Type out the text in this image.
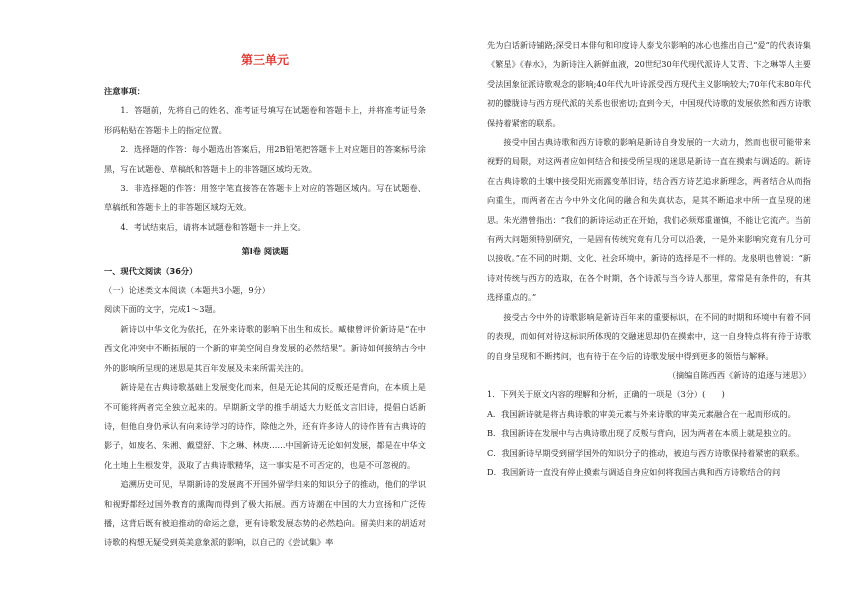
第三单元

注意事项：

1．答题前，先将自己的姓名、准考证号填写在试题卷和答题卡上，并将准考证号条形码粘贴在答题卡上的指定位置。

2．选择题的作答：每小题选出答案后，用2B铅笔把答题卡上对应题目的答案标号涂黑，写在试题卷、草稿纸和答题卡上的非答题区域均无效。

3．非选择题的作答：用签字笔直接答在答题卡上对应的答题区域内。写在试题卷、草稿纸和答题卡上的非答题区域均无效。

4．考试结束后，请将本试题卷和答题卡一并上交。

第Ⅰ卷 阅读题

一、现代文阅读（36分）

（一）论述类文本阅读（本题共3小题，9分）

阅读下面的文字，完成1～3题。

新诗以中华文化为依托，在外来诗歌的影响下出生和成长。臧棣曾评价新诗是“在中西文化冲突中不断拓展的一个新的审美空间自身发展的必然结果”。新诗如何接纳古今中外的影响所呈现的迷思是其百年发展及未来所需关注的。

新诗是在古典诗歌基础上发展变化而来，但是无论其间的反叛还是背向，在本质上是不可能将两者完全独立起来的。早期新文学的推手胡适大力贬低文言旧诗，提倡白话新诗，但他自身仍承认有向来诗学习的诗作，除他之外，还有许多诗人的诗作皆有古典诗的影子，如废名、朱湘、戴望舒、卞之琳、林庚……中国新诗无论如何发展，都是在中华文化土地上生根发芽，汲取了古典诗歌精华，这一事实是不可否定的，也是不可忽视的。

追溯历史可见，早期新诗的发展离不开国外留学归来的知识分子的推动，他们的学识和视野都经过国外教育的熏陶而得到了极大拓展。西方诗潮在中国的大力宣扬和广泛传播，这背后既有被迫推动的命运之意，更有诗歌发展态势的必然趋向。留美归来的胡适对诗歌的构想无疑受到英美意象派的影响，以自己的《尝试集》率

先为白话新诗铺路;深受日本俳句和印度诗人泰戈尔影响的冰心也推出自己“爱”的代表诗集《繁星》《春水》，为新诗注入新鲜血液，20世纪30年代现代派诗人艾青、卞之琳等人主要受法国象征派诗歌观念的影响;40年代九叶诗派受西方现代主义影响较大;70年代末80年代初的朦胧诗与西方现代派的关系也很密切;直到今天，中国现代诗歌的发展依然和西方诗歌保持着紧密的联系。

接受中国古典诗歌和西方诗歌的影响是新诗自身发展的一大动力，然而也很可能带来视野的局限，对这两者应如何结合和接受所呈现的迷思是新诗一直在摸索与调适的。新诗在古典诗歌的土壤中接受阳光雨露变革旧诗，结合西方诗艺追求新理念，两者结合从而指向重生，而两者在古今中外文化间的融合和失真状态，是其不断追求中所一直呈现的迷思。朱光潜曾指出：“我们的新诗运动正在开始，我们必须郑重谨慎，不能让它流产。当前有两大问题须特别研究，一是固有传统究竟有几分可以沿袭，一是外来影响究竟有几分可以接收。”在不同的时期、文化、社会环境中，新诗的选择是不一样的。龙泉明也曾说：“新诗对传统与西方的选取，在各个时期，各个诗派与当今诗人那里，常常是有条件的，有其选择重点的。”

接受古今中外的诗歌影响是新诗百年来的重要标识，在不同的时期和环境中有着不同的表现，而如何对待这标识所体现的交融迷思却仍在摸索中，这一自身特点将有待于诗歌的自身呈现和不断拷问，也有待于在今后的诗歌发展中得到更多的领悟与解释。

（摘编自陈西西《新诗的追逐与迷思》）

1．下列关于原文内容的理解和分析，正确的一项是（3分）(　　)

A．我国新诗就是将古典诗歌的审美元素与外来诗歌的审美元素融合在一起而形成的。

B．我国新诗在发展中与古典诗歌出现了反叛与背向，因为两者在本质上就是独立的。

C．我国新诗早期受到留学国外的知识分子的推动，被迫与西方诗歌保持着紧密的联系。

D．我国新诗一直没有停止摸索与调适自身应如何将我国古典和西方诗歌结合的问
